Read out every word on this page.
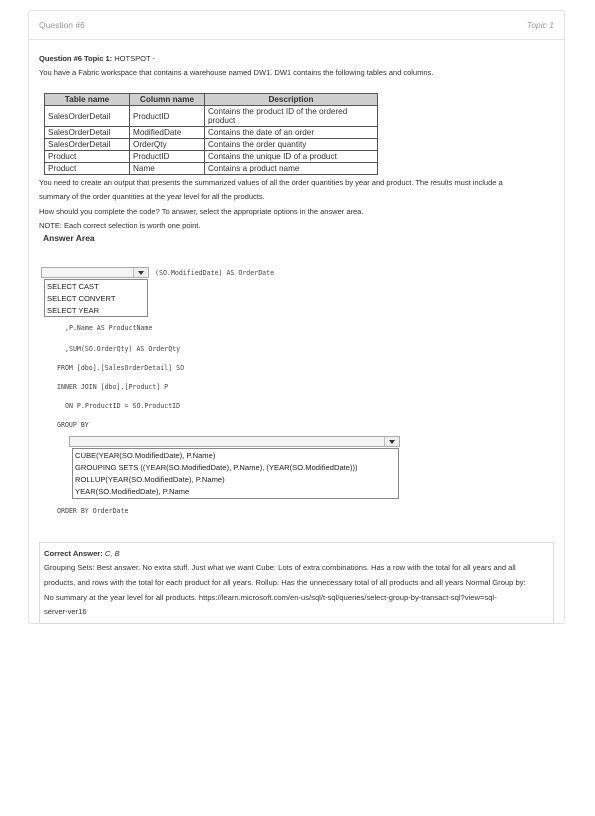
Question #6	Topic 1
Question #6 Topic 1: HOTSPOT -
You have a Fabric workspace that contains a warehouse named DW1. DW1 contains the following tables and columns.
Table name	Column name	Description
SalesOrderDetail	ProductID	Contains the product ID of the ordered
product

SalesOrderDetail	ModifiedDate	Contains the date of an order
SalesOrderDetail	OrderQty	Contains the order quantity
Product	ProductID	Contains the unique ID of a product
Product	Name	Contains a product name
You need to create an output that presents the summarized values of all the order quantities by year and product. The results must include a
summary of the order quantities at the year level for all the products.
How should you complete the code? To answer, select the appropriate options in the answer area.
NOTE: Each correct selection is worth one point.
Answer Area
(SO.ModifiedDate) AS OrderDate
SELECT CAST
SELECT CONVERT
SELECT YEAR
,P.Name AS ProductName
,SUM(SO.OrderQty) AS OrderQty
FROM [dbo].[SalesOrderDetail] SO
INNER JOIN [dbo].[Product] P
ON P.ProductID = SO.ProductID
GROUP BY
CUBE(YEAR(SO.ModifiedDate), P.Name)
GROUPING SETS ((YEAR(SO.ModifiedDate), P.Name), (YEAR(SO.ModifiedDate)))
ROLLUP(YEAR(SO.ModifiedDate), P.Name)
YEAR(SO.ModifiedDate), P.Name
ORDER BY OrderDate
Correct Answer: C, B
Grouping Sets: Best answer. No extra stuff. Just what we want Cube: Lots of extra combinations. Has a row with the total for all years and all
products, and rows with the total for each product for all years. Rollup: Has the unnecessary total of all products and all years Normal Group by:
No summary at the year level for all products. https://learn.microsoft.com/en-us/sql/t-sql/queries/select-group-by-transact-sql?view=sql-
server-ver16
